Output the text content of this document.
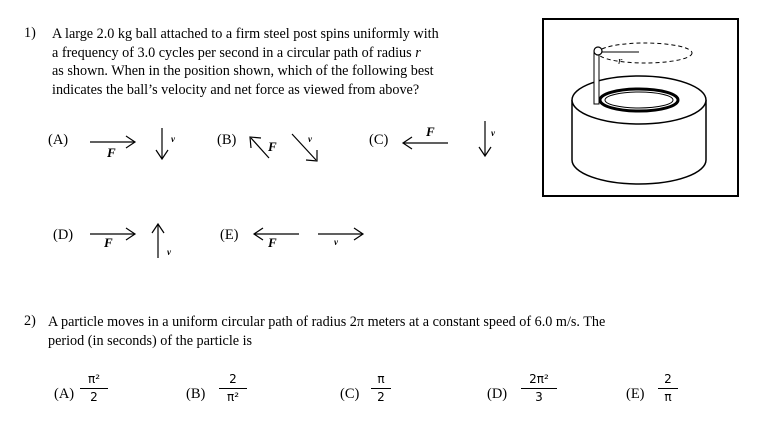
1) A large 2.0 kg ball attached to a firm steel post spins uniformly with
a frequency of 3.0 cycles per second in a circular path of radius r
as shown. When in the position shown, which of the following best
indicates the ball’s velocity and net force as viewed from above?
r
(A)
F
v	(B) F	v	(C)
F	v
(D) F
v
(E) F	v
2) A particle moves in a uniform circular path of radius 2π meters at a constant speed of 6.0 m/s. The
period (in seconds) of the particle is
(A)
π²
2	(B)
2
π²	(C)
π
2	(D)
2π²
3	(E)
2
π
